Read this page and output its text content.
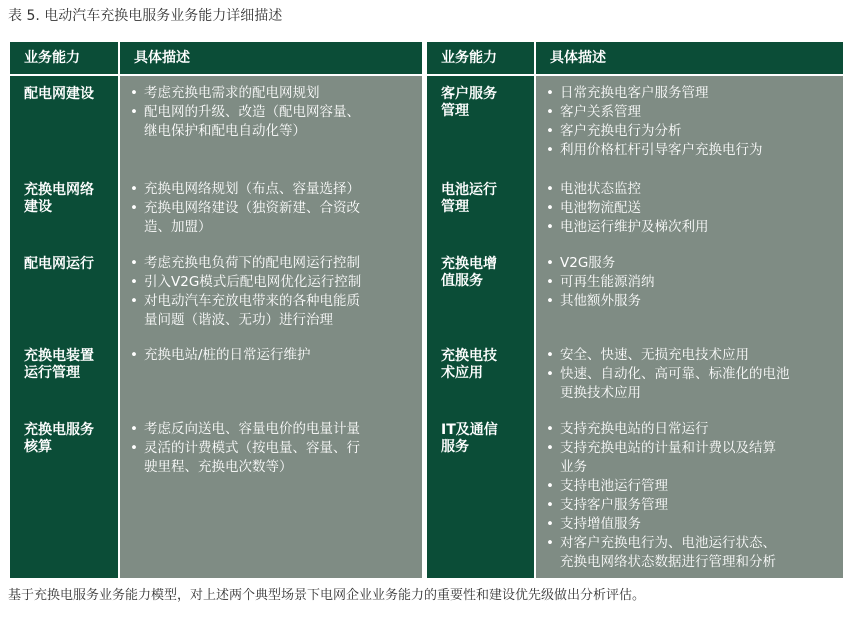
表 5. 电动汽车充换电服务业务能力详细描述
业务能力	具体描述
配电网建设
充换电网络
建设
配电网运行
充换电装置
运行管理
充换电服务
核算
• 考虑充换电需求的配电网规划
• 配电网的升级、改造（配电网容量、
继电保护和配电自动化等）
• 充换电网络规划（布点、容量选择）
• 充换电网络建设（独资新建、合资改
造、加盟）
• 考虑充换电负荷下的配电网运行控制
• 引入V2G模式后配电网优化运行控制
• 对电动汽车充放电带来的各种电能质
量问题（谐波、无功）进行治理
• 充换电站/桩的日常运行维护
• 考虑反向送电、容量电价的电量计量
• 灵活的计费模式（按电量、容量、行
驶里程、充换电次数等）
业务能力	具体描述
客户服务
管理
电池运行
管理
充换电增
值服务
充换电技
术应用
IT及通信
服务
• 日常充换电客户服务管理
• 客户关系管理
• 客户充换电行为分析
• 利用价格杠杆引导客户充换电行为
• 电池状态监控
• 电池物流配送
• 电池运行维护及梯次利用
• V2G服务
• 可再生能源消纳
• 其他额外服务
• 安全、快速、无损充电技术应用
• 快速、自动化、高可靠、标准化的电池
更换技术应用
• 支持充换电站的日常运行
• 支持充换电站的计量和计费以及结算
业务
• 支持电池运行管理
• 支持客户服务管理
• 支持增值服务
• 对客户充换电行为、电池运行状态、
充换电网络状态数据进行管理和分析
基于充换电服务业务能力模型，对上述两个典型场景下电网企业业务能力的重要性和建设优先级做出分析评估。
